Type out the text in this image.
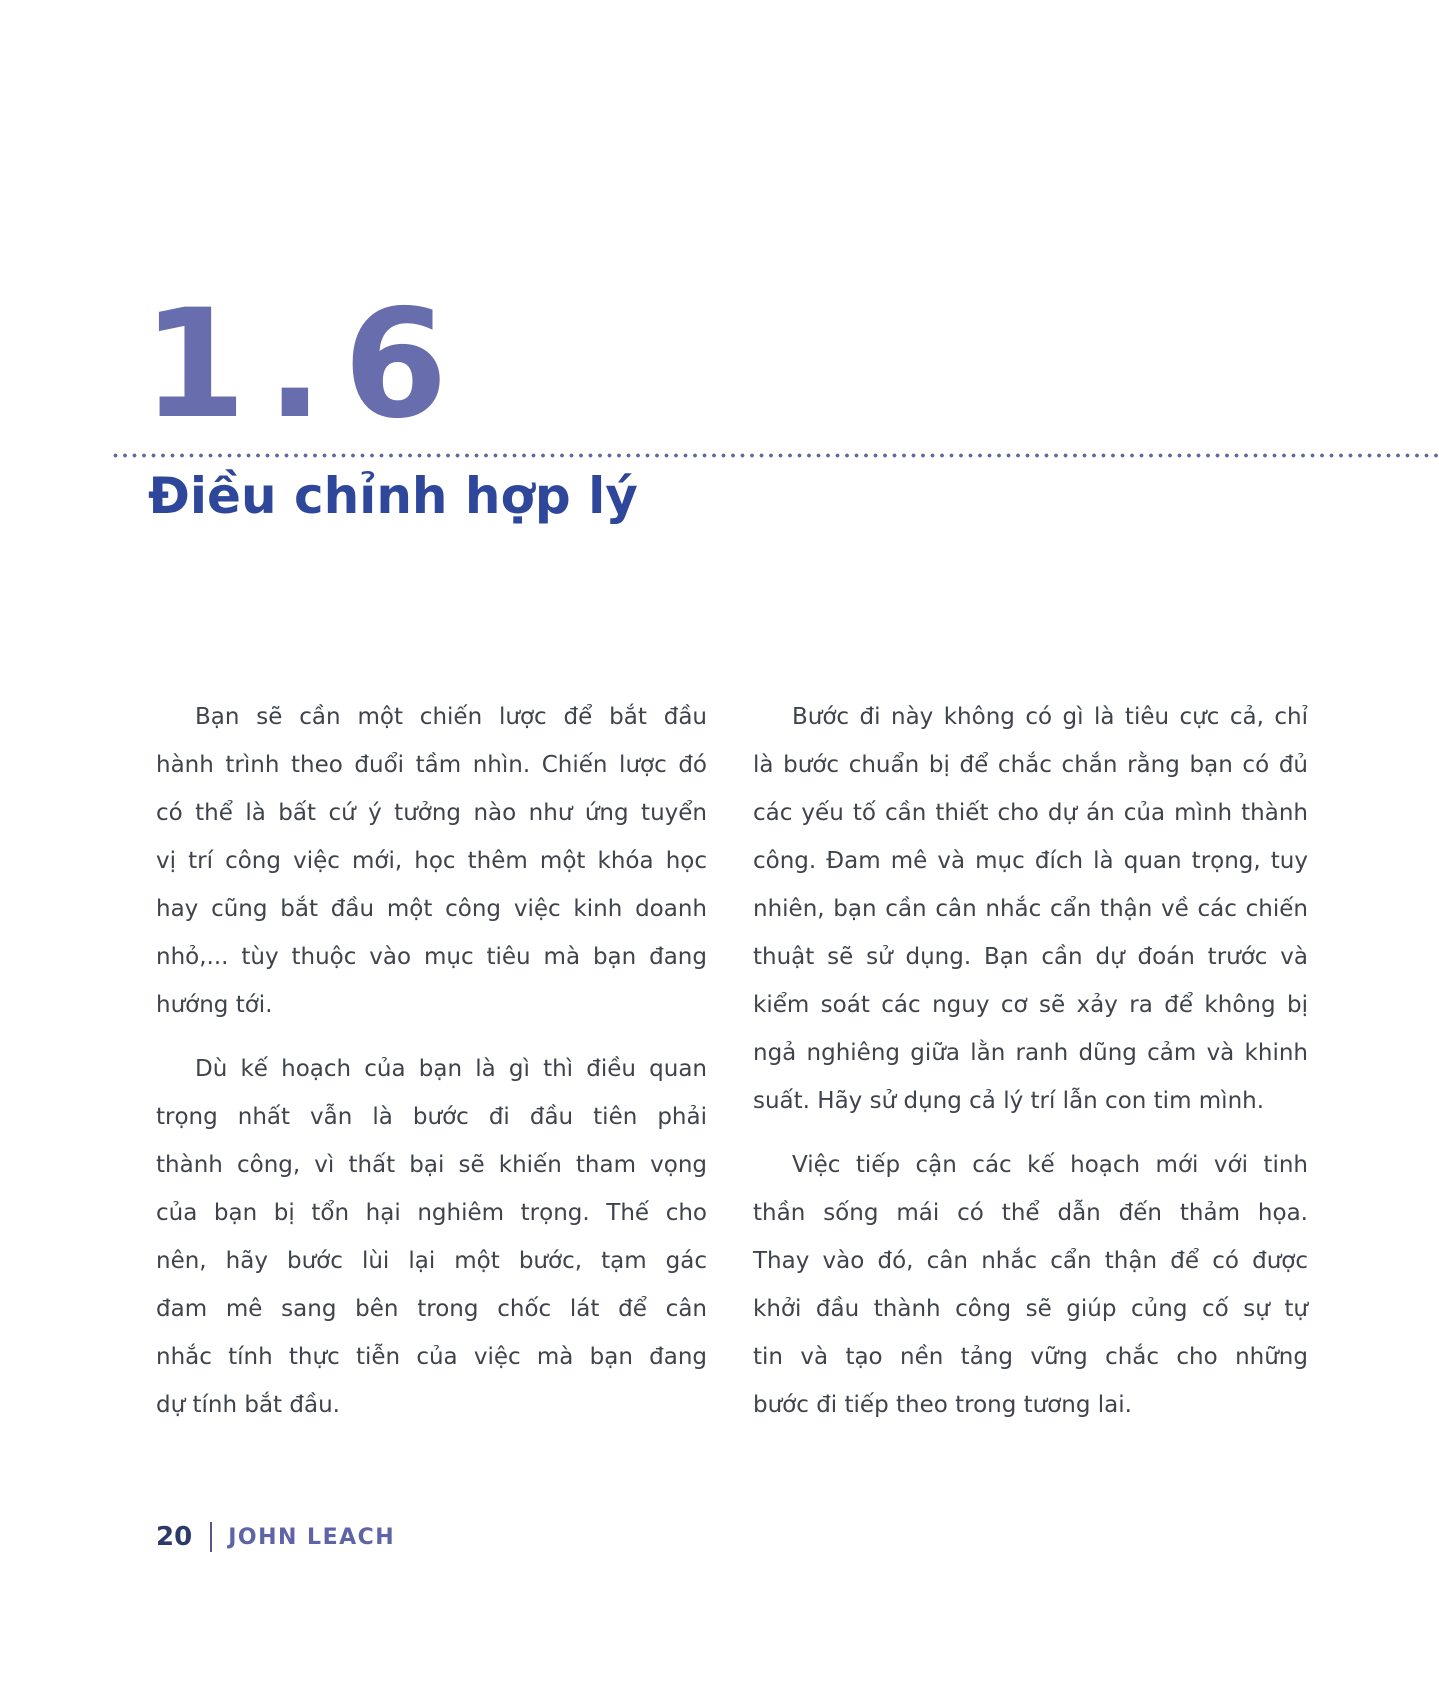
1.6
Điều chỉnh hợp lý

Bạn sẽ cần một chiến lược để bắt đầu
hành trình theo đuổi tầm nhìn. Chiến lược đó
có thể là bất cứ ý tưởng nào như ứng tuyển
vị trí công việc mới, học thêm một khóa học
hay cũng bắt đầu một công việc kinh doanh
nhỏ,... tùy thuộc vào mục tiêu mà bạn đang
hướng tới.

Dù kế hoạch của bạn là gì thì điều quan
trọng nhất vẫn là bước đi đầu tiên phải
thành công, vì thất bại sẽ khiến tham vọng
của bạn bị tổn hại nghiêm trọng. Thế cho
nên, hãy bước lùi lại một bước, tạm gác
đam mê sang bên trong chốc lát để cân
nhắc tính thực tiễn của việc mà bạn đang
dự tính bắt đầu.

Bước đi này không có gì là tiêu cực cả, chỉ
là bước chuẩn bị để chắc chắn rằng bạn có đủ
các yếu tố cần thiết cho dự án của mình thành
công. Đam mê và mục đích là quan trọng, tuy
nhiên, bạn cần cân nhắc cẩn thận về các chiến
thuật sẽ sử dụng. Bạn cần dự đoán trước và
kiểm soát các nguy cơ sẽ xảy ra để không bị
ngả nghiêng giữa lằn ranh dũng cảm và khinh
suất. Hãy sử dụng cả lý trí lẫn con tim mình.

Việc tiếp cận các kế hoạch mới với tinh
thần sống mái có thể dẫn đến thảm họa.
Thay vào đó, cân nhắc cẩn thận để có được
khởi đầu thành công sẽ giúp củng cố sự tự
tin và tạo nền tảng vững chắc cho những
bước đi tiếp theo trong tương lai.

20 JOHN LEACH
